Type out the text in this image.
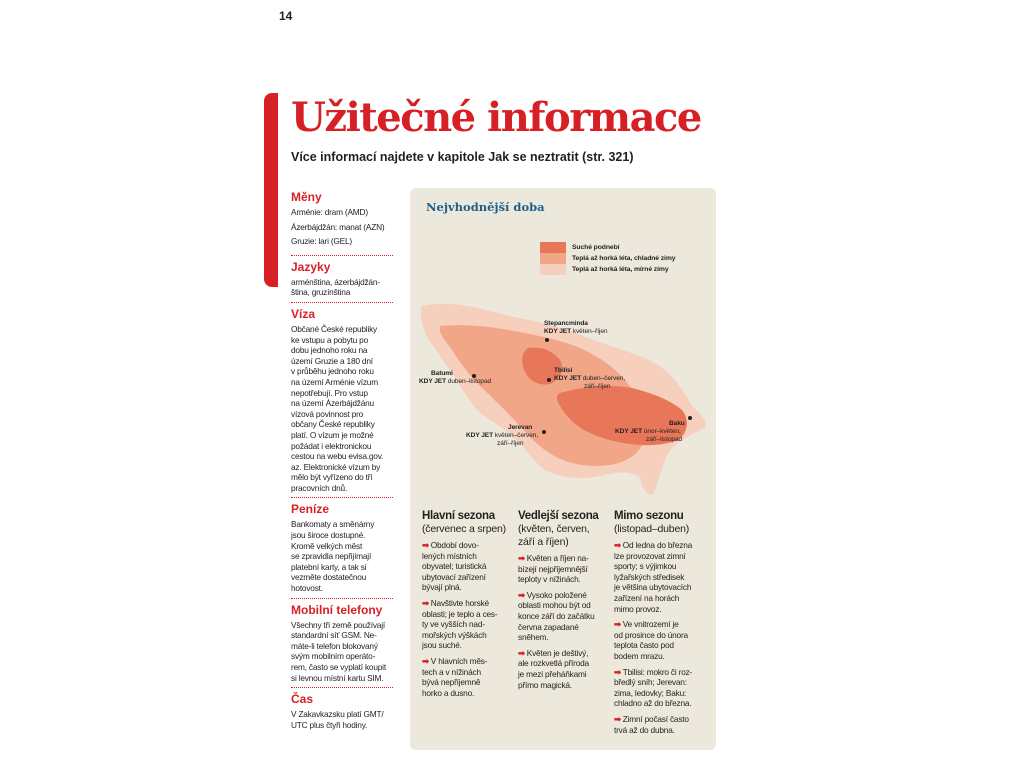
14
Užitečné informace
Více informací najdete v kapitole Jak se neztratit (str. 321)
Měny

Arménie: dram (AMD)

Ázerbájdžán: manat (AZN)

Gruzie: lari (GEL)

Jazyky

arménština, ázerbájdžán-

ština, gruzínština

Víza

Občané České republiky

ke vstupu a pobytu po

dobu jednoho roku na

území Gruzie a 180 dní

v průběhu jednoho roku

na území Arménie vízum

nepotřebují. Pro vstup

na území Ázerbájdžánu

vízová povinnost pro

občany České republiky

platí. O vízum je možné

požádat i elektronickou

cestou na webu evisa.gov.

az. Elektronické vízum by

mělo být vyřízeno do tří

pracovních dnů.

Peníze

Bankomaty a směnárny

jsou široce dostupné.

Kromě velkých měst

se zpravidla nepřijímají

platební karty, a tak si

vezměte dostatečnou

hotovost.

Mobilní telefony

Všechny tři země používají

standardní síť GSM. Ne-

máte-li telefon blokovaný

svým mobilním operáto-

rem, často se vyplatí koupit

si levnou místní kartu SIM.

Čas

V Zakavkazsku platí GMT/

UTC plus čtyři hodiny.

Nejvhodnější doba
Suché podnebí
Teplá až horká léta, chladné zimy
Teplá až horká léta, mírné zimy
Stepancminda
KDY JET květen–říjen
Batumi
KDY JET duben–listopad
Tbilisi
KDY JET duben–červen,
září–říjen
Jerevan
KDY JET květen–červen,
září–říjen
Baku
KDY JET únor–květen,
září–listopad
Hlavní sezona
(červenec a srpen)
➡ Období dovo-
lených místních
obyvatel; turistická
ubytovací zařízení
bývají plná.
➡ Navštivte horské
oblasti; je teplo a ces-
ty ve vyšších nad-
mořských výškách
jsou suché.
➡ V hlavních měs-
tech a v nížinách
bývá nepříjemně
horko a dusno.
Vedlejší sezona
(květen, červen,
září a říjen)
➡ Květen a říjen na-
bízejí nejpříjemnější
teploty v nížinách.
➡ Vysoko položené
oblasti mohou být od
konce září do začátku
června zapadané
sněhem.
➡ Květen je deštivý,
ale rozkvetlá příroda
je mezi přeháňkami
přímo magická.
Mimo sezonu
(listopad–duben)
➡ Od ledna do března
lze provozovat zimní
sporty; s výjimkou
lyžařských středisek
je většina ubytovacích
zařízení na horách
mimo provoz.
➡ Ve vnitrozemí je
od prosince do února
teplota často pod
bodem mrazu.
➡ Tbilisi: mokro či roz-
bředlý sníh; Jerevan:
zima, ledovky; Baku:
chladno až do března.
➡ Zimní počasí často
trvá až do dubna.
